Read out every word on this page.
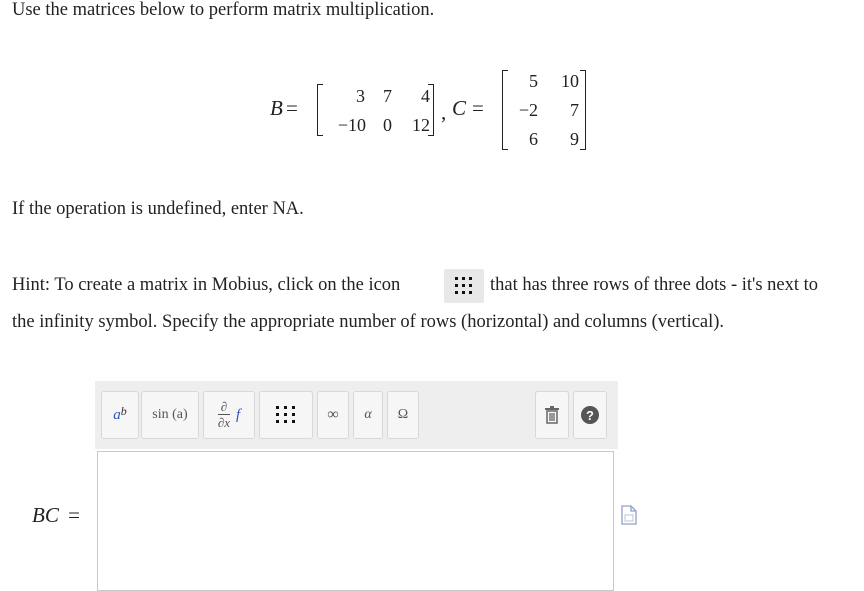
Use the matrices below to perform matrix multiplication.
B =	3	7	4
−10 0	12
, C =
5	10
−2	7
6	9
If the operation is undefined, enter NA.
Hint: To create a matrix in Mobius, click on the icon	that has three rows of three dots - it's next to
the infinity symbol. Specify the appropriate number of rows (horizontal) and columns (vertical).
$a^b$ sin (a)
∂
∂x f	∞ α Ω	?
BC =
